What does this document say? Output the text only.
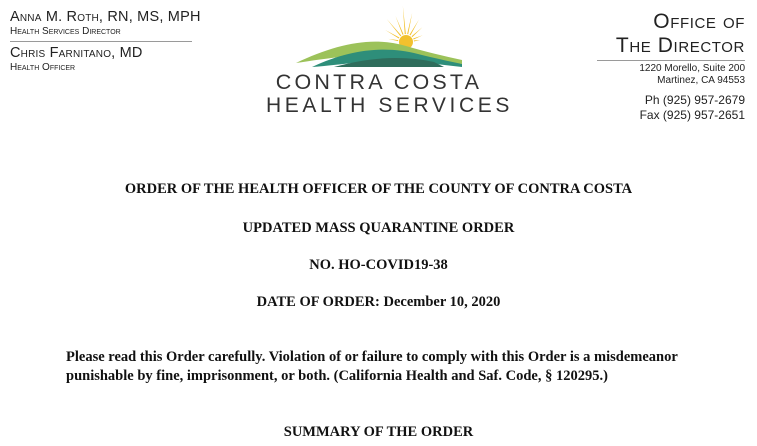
Anna M. Roth, RN, MS, MPH
Health Services Director
Chris Farnitano, MD
Health Officer
CONTRA COSTA
HEALTH SERVICES
Office of
The Director
1220 Morello, Suite 200
Martinez, CA 94553
Ph (925) 957-2679
Fax (925) 957-2651
ORDER OF THE HEALTH OFFICER OF THE COUNTY OF CONTRA COSTA
UPDATED MASS QUARANTINE ORDER
NO. HO-COVID19-38
DATE OF ORDER: December 10, 2020
Please read this Order carefully. Violation of or failure to comply with this Order is a misdemeanor punishable by fine, imprisonment, or both. (California Health and Saf. Code, § 120295.)
SUMMARY OF THE ORDER
